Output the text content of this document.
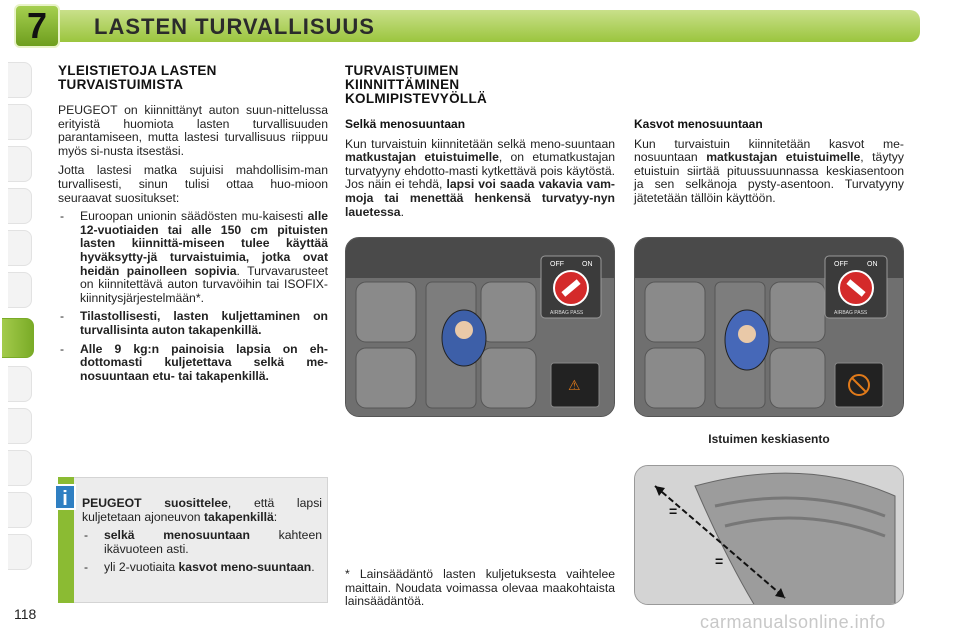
7	LASTEN TURVALLISUUS
YLEISTIETOJA LASTEN
TURVAISTUIMISTA

PEUGEOT on kiinnittänyt auton suun-nittelussa erityistä huomiota lasten turvallisuuden parantamiseen, mutta lastesi turvallisuus riippuu myös si-nusta itsestäsi.

Jotta lastesi matka sujuisi mahdollisim-man turvallisesti, sinun tulisi ottaa huo-mioon seuraavat suositukset:

- Euroopan unionin säädösten mu-kaisesti alle 12-vuotiaiden tai alle 150 cm pituisten lasten kiinnittä-miseen tulee käyttää hyväksytty-jä turvaistuimia, jotka ovat heidän painolleen sopivia. Turvavarusteet on kiinnitettävä auton turvavöihin tai ISOFIX-kiinnitysjärjestelmään*.
- Tilastollisesti, lasten kuljettaminen on turvallisinta auton takapenkillä.
- Alle 9 kg:n painoisia lapsia on eh-dottomasti kuljetettava selkä me-nosuuntaan etu- tai takapenkillä.
i	PEUGEOT suosittelee, että lapsi kuljetetaan ajoneuvon takapenkillä:
- selkä menosuuntaan kahteen ikävuoteen asti.
- yli 2-vuotiaita kasvot meno-suuntaan.
TURVAISTUIMEN
KIINNITTÄMINEN
KOLMIPISTEVYÖLLÄ
Selkä menosuuntaan

Kun turvaistuin kiinnitetään selkä meno-suuntaan matkustajan etuistuimelle, on etumatkustajan turvatyyny ehdotto-masti kytkettävä pois käytöstä. Jos näin ei tehdä, lapsi voi saada vakavia vam-moja tai menettää henkensä turvatyy-nyn lauetessa.

Kasvot menosuuntaan

Kun turvaistuin kiinnitetään kasvot me-nosuuntaan matkustajan etuistuimelle, täytyy etuistuin siirtää pituussuunnassa keskiasentoon ja sen selkänoja pysty-asentoon. Turvatyyny jätetetään tällöin käyttöön.

OFF	ON
AIRBAG PASS
⚠
OFF	ON
AIRBAG PASS
Istuimen keskiasento
=
=
* Lainsäädäntö lasten kuljetuksesta vaihtelee maittain. Noudata voimassa olevaa maakohtaista lainsäädäntöä.
118	carmanualsonline.info
